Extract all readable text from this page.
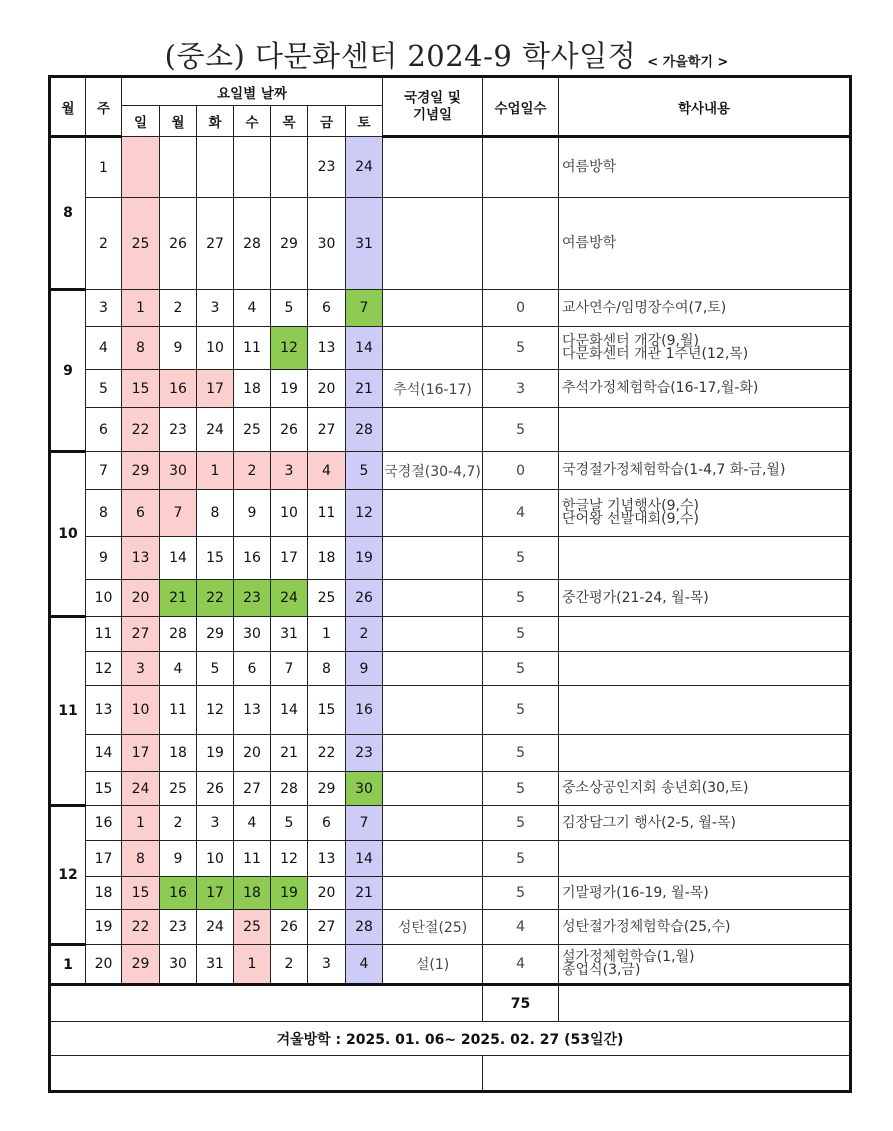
(중소) 다문화센터 2024-9 학사일정 < 가을학기 >
월	주	요일별 날짜							국경일 및
기념일	수업일수	학사내용
		일	월	화	수	목	금	토			
8	1						23	24			여름방학

	2	25	26	27	28	29	30	31			여름방학

9	3	1	2	3	4	5	6	7		0	교사연수/임명장수여(7,토)

	4	8	9	10	11	12	13	14		5	다문화센터 개강(9,월)
다문화센터 개관 1주년(12,목)

	5	15	16	17	18	19	20	21	추석(16-17)	3	추석가정체험학습(16-17,월-화)

	6	22	23	24	25	26	27	28		5	

10	7	29	30	1	2	3	4	5	국경절(30-4,7)	0	국경절가정체험학습(1-4,7 화-금,월)

	8	6	7	8	9	10	11	12		4	한글날 기념행사(9,수)
단어왕 선발대회(9,수)

	9	13	14	15	16	17	18	19		5	

	10	20	21	22	23	24	25	26		5	중간평가(21-24, 월-목)

11	11	27	28	29	30	31	1	2		5	

	12	3	4	5	6	7	8	9		5	

	13	10	11	12	13	14	15	16		5	

	14	17	18	19	20	21	22	23		5	

	15	24	25	26	27	28	29	30		5	중소상공인지회 송년회(30,토)

12	16	1	2	3	4	5	6	7		5	김장담그기 행사(2-5, 월-목)

	17	8	9	10	11	12	13	14		5	

	18	15	16	17	18	19	20	21		5	기말평가(16-19, 월-목)

	19	22	23	24	25	26	27	28	성탄절(25)	4	성탄절가정체험학습(25,수)

1	20	29	30	31	1	2	3	4	설(1)	4	설가정체험학습(1,월)
종업식(3,금)

										75	
겨울방학 : 2025. 01. 06~ 2025. 02. 27 (53일간)											
